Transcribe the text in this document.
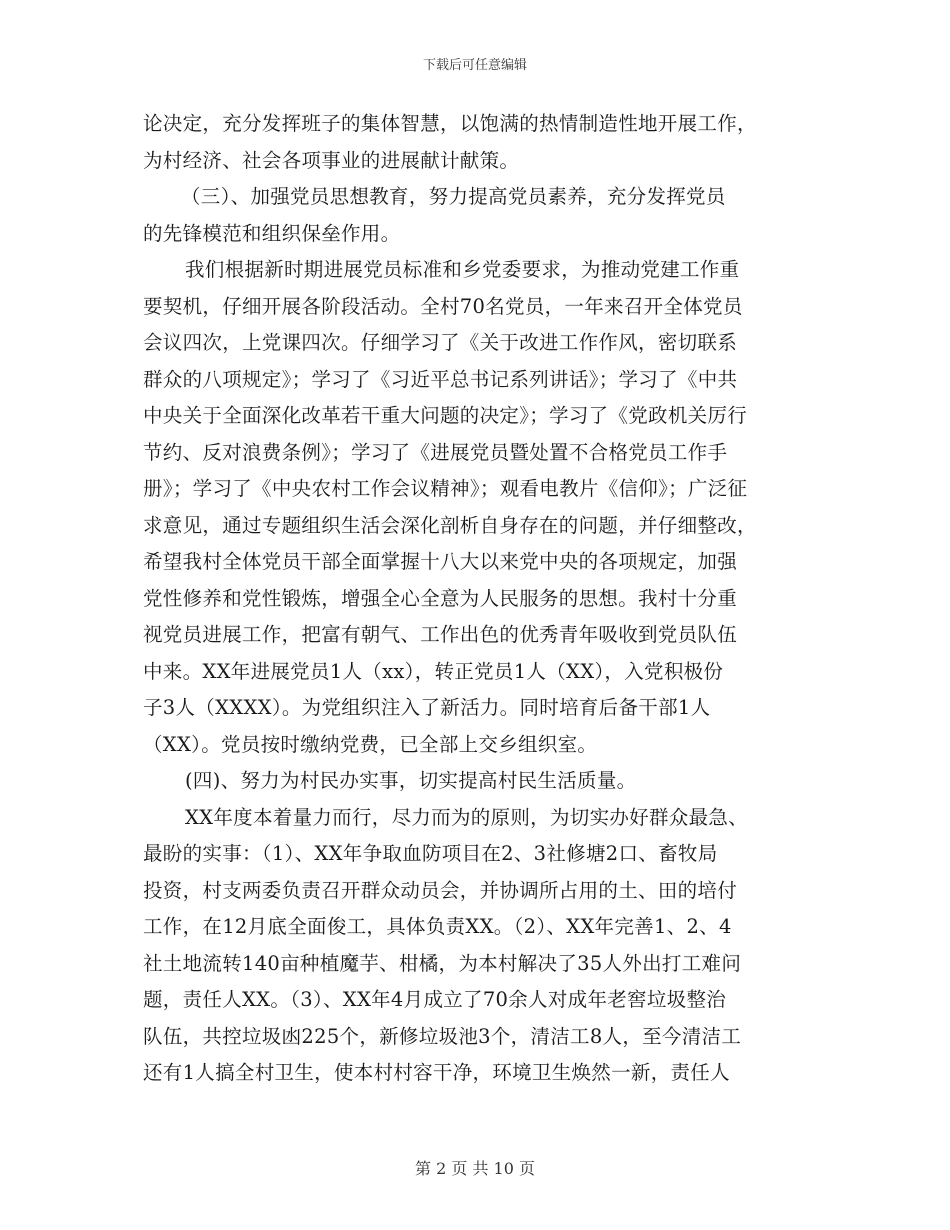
下载后可任意编辑
论决定，充分发挥班子的集体智慧，以饱满的热情制造性地开展工作，
为村经济、社会各项事业的进展献计献策。
（三）、加强党员思想教育，努力提高党员素养，充分发挥党员
的先锋模范和组织保垒作用。
我们根据新时期进展党员标准和乡党委要求，为推动党建工作重
要契机，仔细开展各阶段活动。全村70名党员，一年来召开全体党员
会议四次，上党课四次。仔细学习了《关于改进工作作风，密切联系
群众的八项规定》；学习了《习近平总书记系列讲话》；学习了《中共
中央关于全面深化改革若干重大问题的决定》；学习了《党政机关厉行
节约、反对浪费条例》；学习了《进展党员暨处置不合格党员工作手
册》；学习了《中央农村工作会议精神》；观看电教片《信仰》；广泛征
求意见，通过专题组织生活会深化剖析自身存在的问题，并仔细整改，
希望我村全体党员干部全面掌握十八大以来党中央的各项规定，加强
党性修养和党性锻炼，增强全心全意为人民服务的思想。我村十分重
视党员进展工作，把富有朝气、工作出色的优秀青年吸收到党员队伍
中来。XX年进展党员1人（xx），转正党员1人（XX），入党积极份
子3人（XXXX）。为党组织注入了新活力。同时培育后备干部1人
（XX）。党员按时缴纳党费，已全部上交乡组织室。
(四)、努力为村民办实事，切实提高村民生活质量。
XX年度本着量力而行，尽力而为的原则，为切实办好群众最急、
最盼的实事：（1）、XX年争取血防项目在2、3社修塘2口、畜牧局
投资，村支两委负责召开群众动员会，并协调所占用的土、田的培付
工作，在12月底全面俊工，具体负责XX。（2）、XX年完善1、2、4
社土地流转140亩种植魔芋、柑橘，为本村解决了35人外出打工难问
题，责任人XX。（3）、XX年4月成立了70余人对成年老窖垃圾整治
队伍，共控垃圾凼225个，新修垃圾池3个，清洁工8人，至今清洁工
还有1人搞全村卫生，使本村村容干净，环境卫生焕然一新，责任人
第 2 页 共 10 页
